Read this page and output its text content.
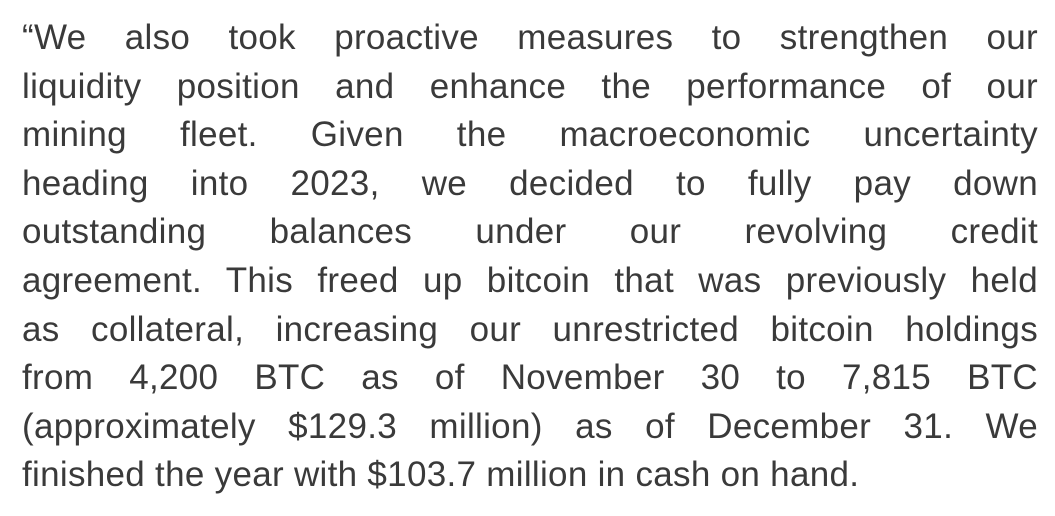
“We also took proactive measures to strengthen our
liquidity position and enhance the performance of our
mining fleet. Given the macroeconomic uncertainty
heading into 2023, we decided to fully pay down
outstanding balances under our revolving credit
agreement. This freed up bitcoin that was previously held
as collateral, increasing our unrestricted bitcoin holdings
from 4,200 BTC as of November 30 to 7,815 BTC
(approximately $129.3 million) as of December 31. We
finished the year with $103.7 million in cash on hand.
